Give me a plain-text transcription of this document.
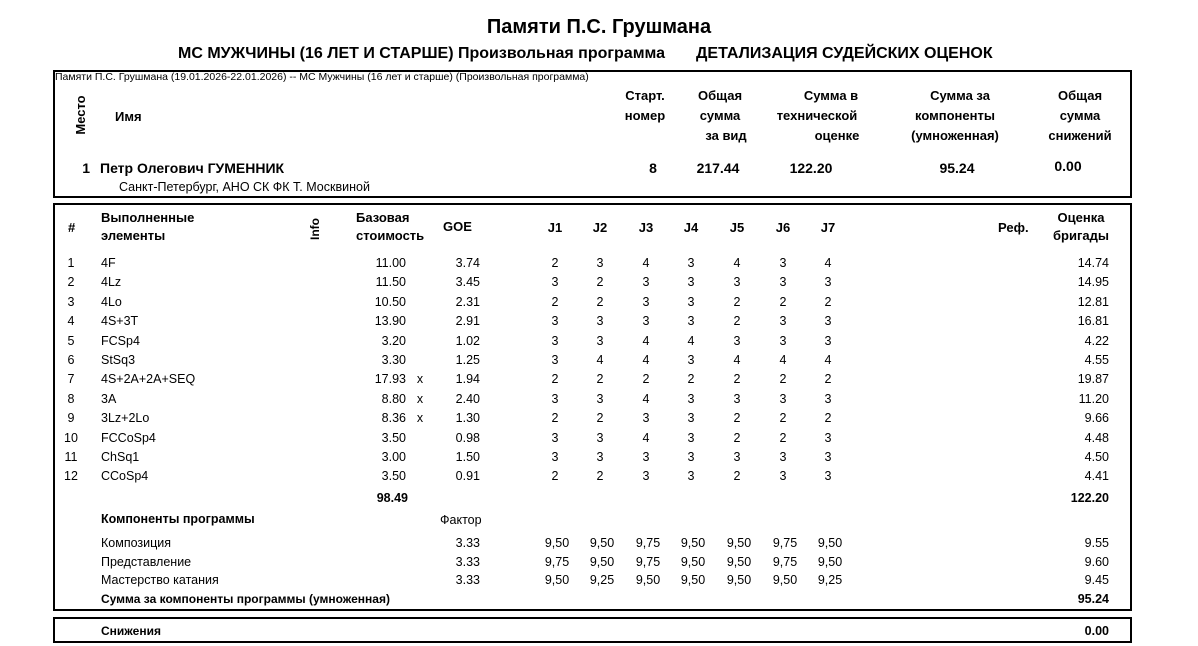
Памяти П.С. Грушмана
МС МУЖЧИНЫ (16 ЛЕТ И СТАРШЕ) Произвольная программа ДЕТАЛИЗАЦИЯ СУДЕЙСКИХ ОЦЕНОК
Памяти П.С. Грушмана (19.01.2026-22.01.2026) -- МС Мужчины (16 лет и старше) (Произвольная программа)
Место Имя
Старт.
номер
Общая
сумма
за вид
Сумма в
технической
оценке
Сумма за
компоненты
(умноженная)
Общая
сумма
снижений
1 Петр Олегович ГУМЕННИК
Санкт-Петербург, АНО СК ФК Т. Москвиной
8	217.44	122.20	95.24	0.00
#
Выполненные
элементы	Info
Базовая
стоимость
GOE	J1	J2	J3	J4	J5	J6	J7	Реф.
Оценка
бригады
1	4F	11.00	3.74	2	3	4	3	4	3	4	14.74
2	4Lz	11.50	3.45	3	2	3	3	3	3	3	14.95
3	4Lo	10.50	2.31	2	2	3	3	2	2	2	12.81
4	4S+3T	13.90	2.91	3	3	3	3	2	3	3	16.81
5	FCSp4	3.20	1.02	3	3	4	4	3	3	3	4.22
6	StSq3	3.30	1.25	3	4	4	3	4	4	4	4.55
7	4S+2A+2A+SEQ	17.93 x	1.94	2	2	2	2	2	2	2	19.87
8	3A	8.80 x	2.40	3	3	4	3	3	3	3	11.20
9	3Lz+2Lo	8.36 x	1.30	2	2	3	3	2	2	2	9.66
10	FCCoSp4	3.50	0.98	3	3	4	3	2	2	3	4.48
11	ChSq1	3.00	1.50	3	3	3	3	3	3	3	4.50
12	CCoSp4	3.50	0.91	2	2	3	3	2	3	3	4.41
98.49	122.20
Компоненты программы	Фактор
Композиция	3.33	9,50	9,50	9,75	9,50	9,50	9,75	9,50	9.55
Представление	3.33	9,75	9,50	9,75	9,50	9,50	9,75	9,50	9.60
Мастерство катания	3.33	9,50	9,25	9,50	9,50	9,50	9,50	9,25	9.45
Сумма за компоненты программы (умноженная)	95.24
Снижения	0.00
